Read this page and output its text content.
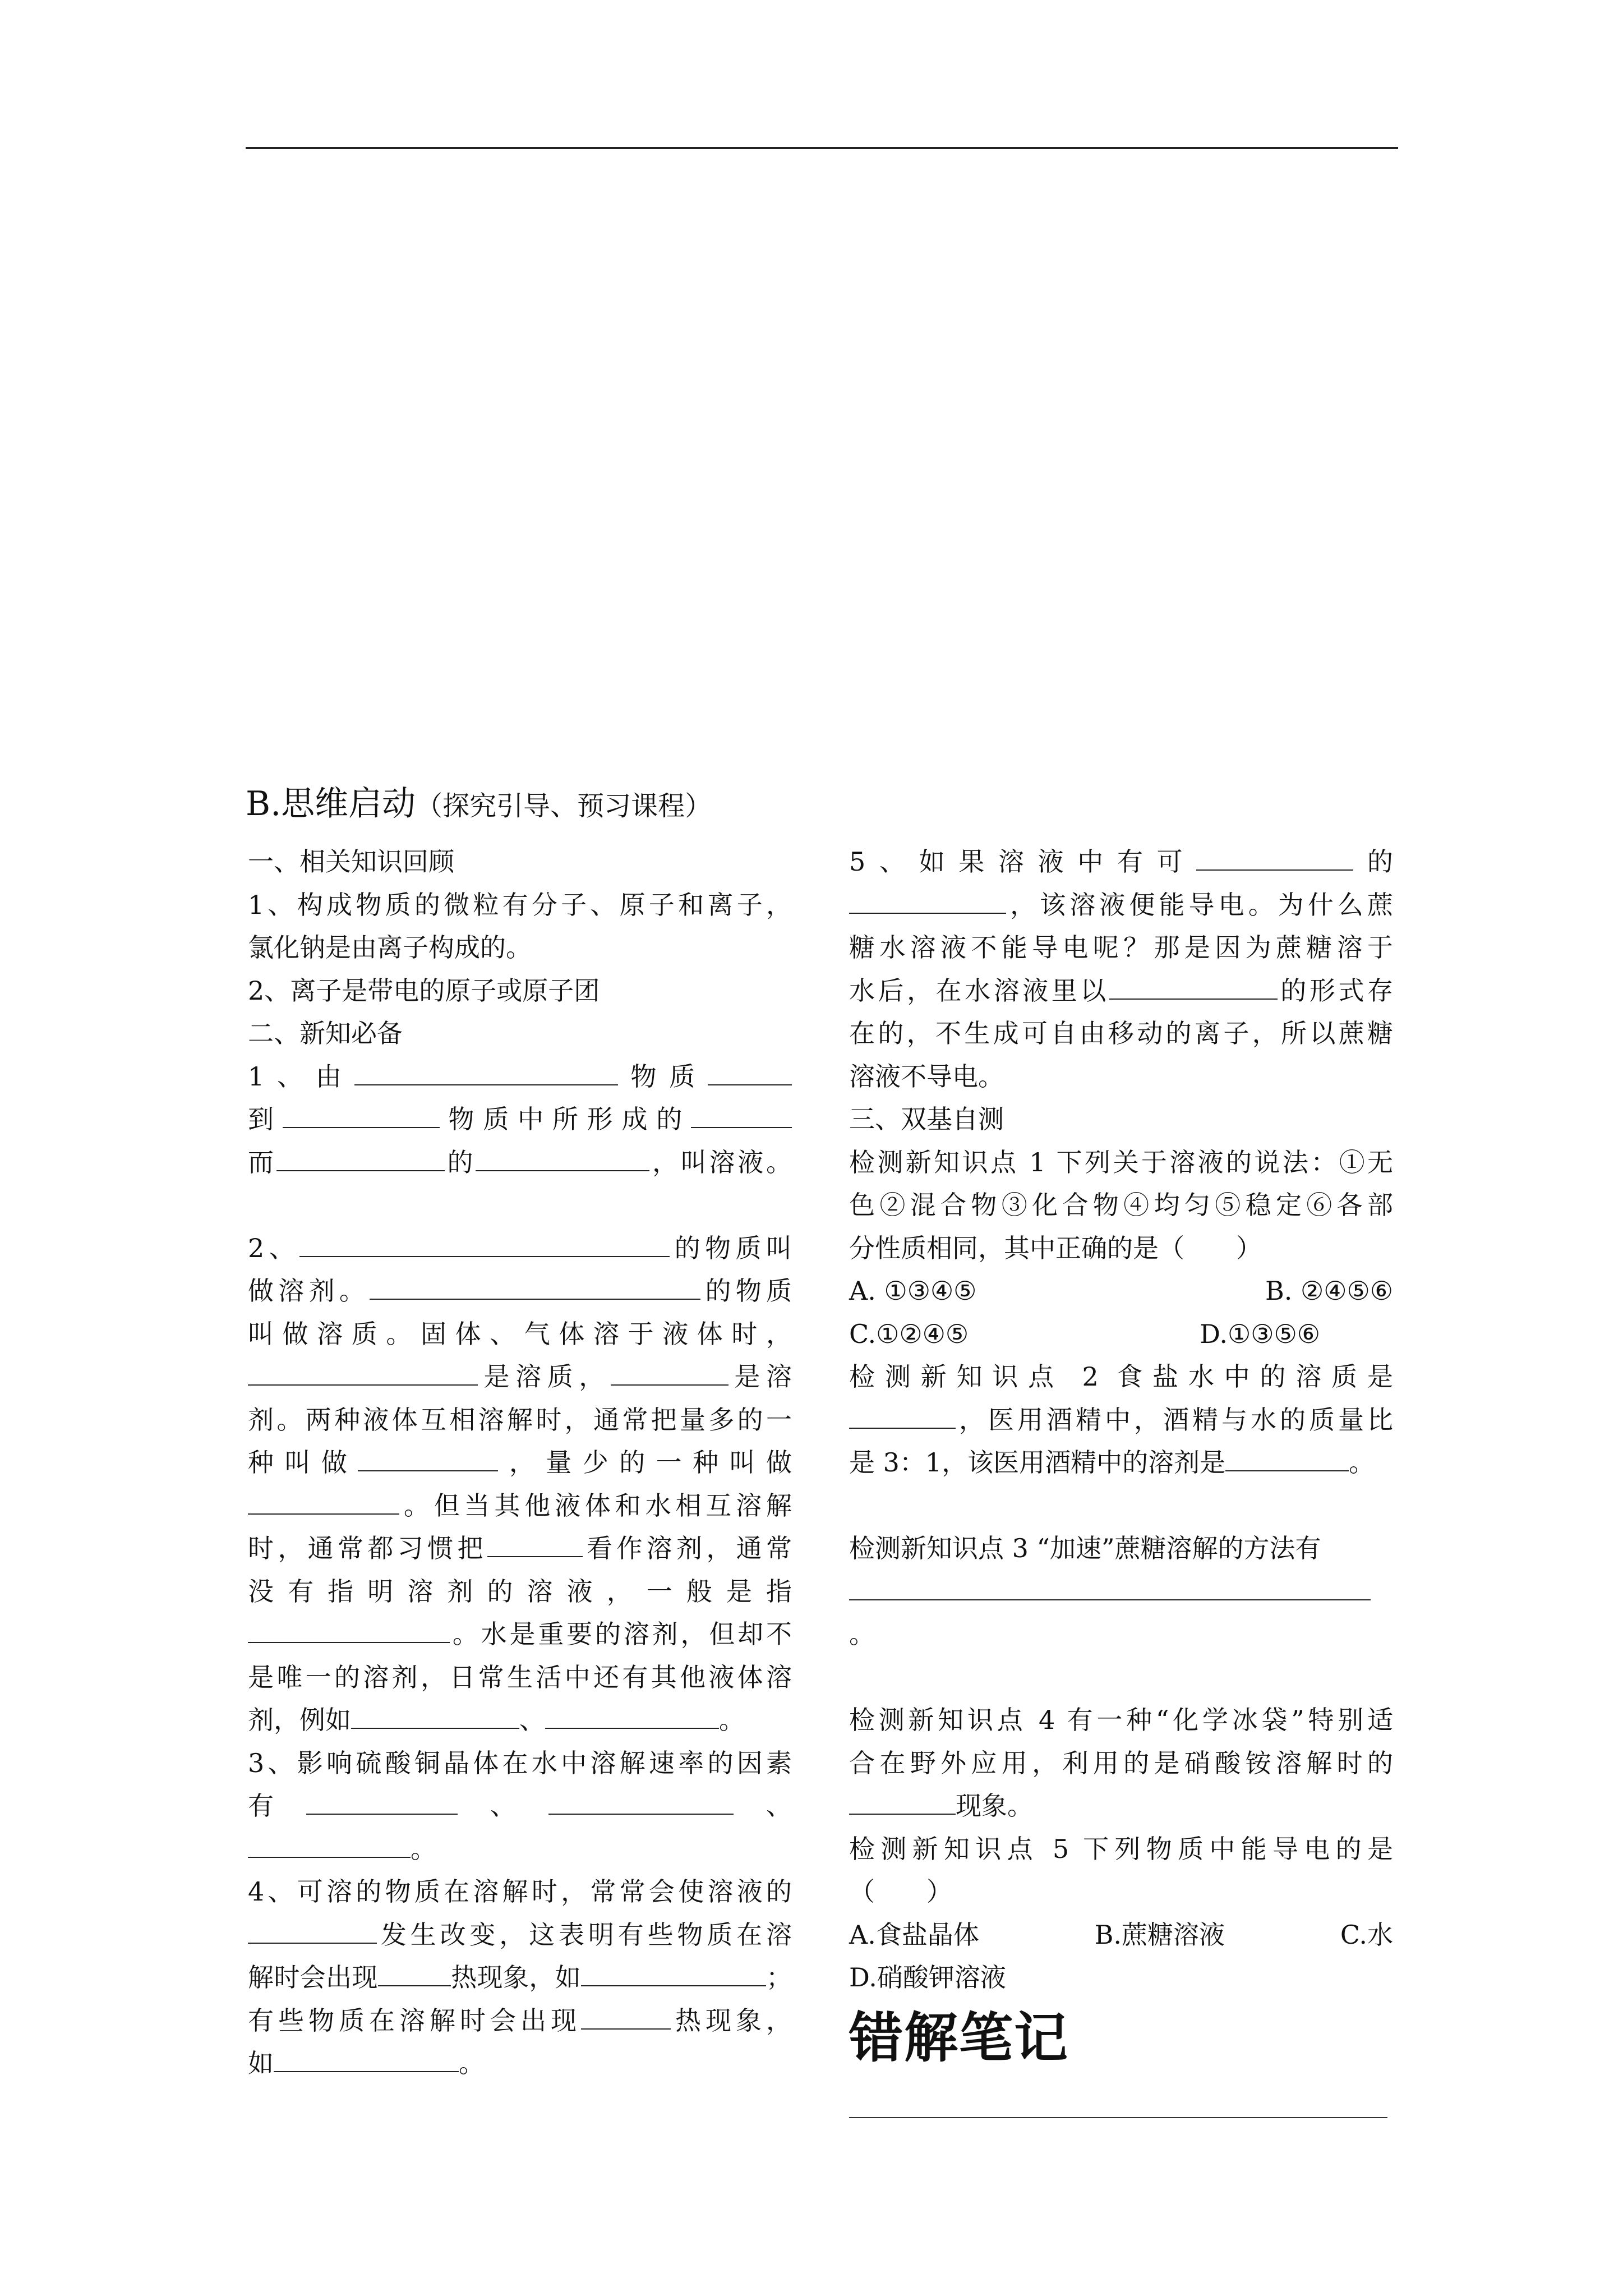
B.思维启动（探究引导、预习课程）

一、相关知识回顾

1、构成物质的微粒有分子、原子和离子，

氯化钠是由离子构成的。

2、离子是带电的原子或原子团

二、新知必备

1、由	物质

到	物质中所形成的

而	的	，叫溶液。

2、	的物质叫

做溶剂。	的物质

叫做溶质。固体、气体溶于液体时，

是溶质，	是溶

剂。两种液体互相溶解时，通常把量多的一

种叫做	，量少的一种叫做

。但当其他液体和水相互溶解

时，通常都习惯把	看作溶剂，通常

没有指明溶剂的溶液，一般是指

。水是重要的溶剂，但却不

是唯一的溶剂，日常生活中还有其他液体溶

剂，例如	、	。

3、影响硫酸铜晶体在水中溶解速率的因素

有	、	、

。

4、可溶的物质在溶解时，常常会使溶液的

发生改变，这表明有些物质在溶

解时会出现	热现象，如	；

有些物质在溶解时会出现	热现象，

如	。

5、如果溶液中有可	的

，该溶液便能导电。为什么蔗

糖水溶液不能导电呢？那是因为蔗糖溶于

水后，在水溶液里以	的形式存

在的，不生成可自由移动的离子，所以蔗糖

溶液不导电。

三、双基自测

检测新知识点 1 下列关于溶液的说法：①无

色②混合物③化合物④均匀⑤稳定⑥各部

分性质相同，其中正确的是（　　）

A. ①③④⑤	B. ②④⑤⑥
C.①②④⑤	D.①③⑤⑥

检测新知识点 2 食盐水中的溶质是

，医用酒精中，酒精与水的质量比

是 3：1，该医用酒精中的溶剂是	。

检测新知识点 3 “加速”蔗糖溶解的方法有

。

检测新知识点 4 有一种“化学冰袋”特别适

合在野外应用，利用的是硝酸铵溶解时的

现象。

检测新知识点 5 下列物质中能导电的是

（　　）

A.食盐晶体	B.蔗糖溶液	C.水

D.硝酸钾溶液

错解笔记
